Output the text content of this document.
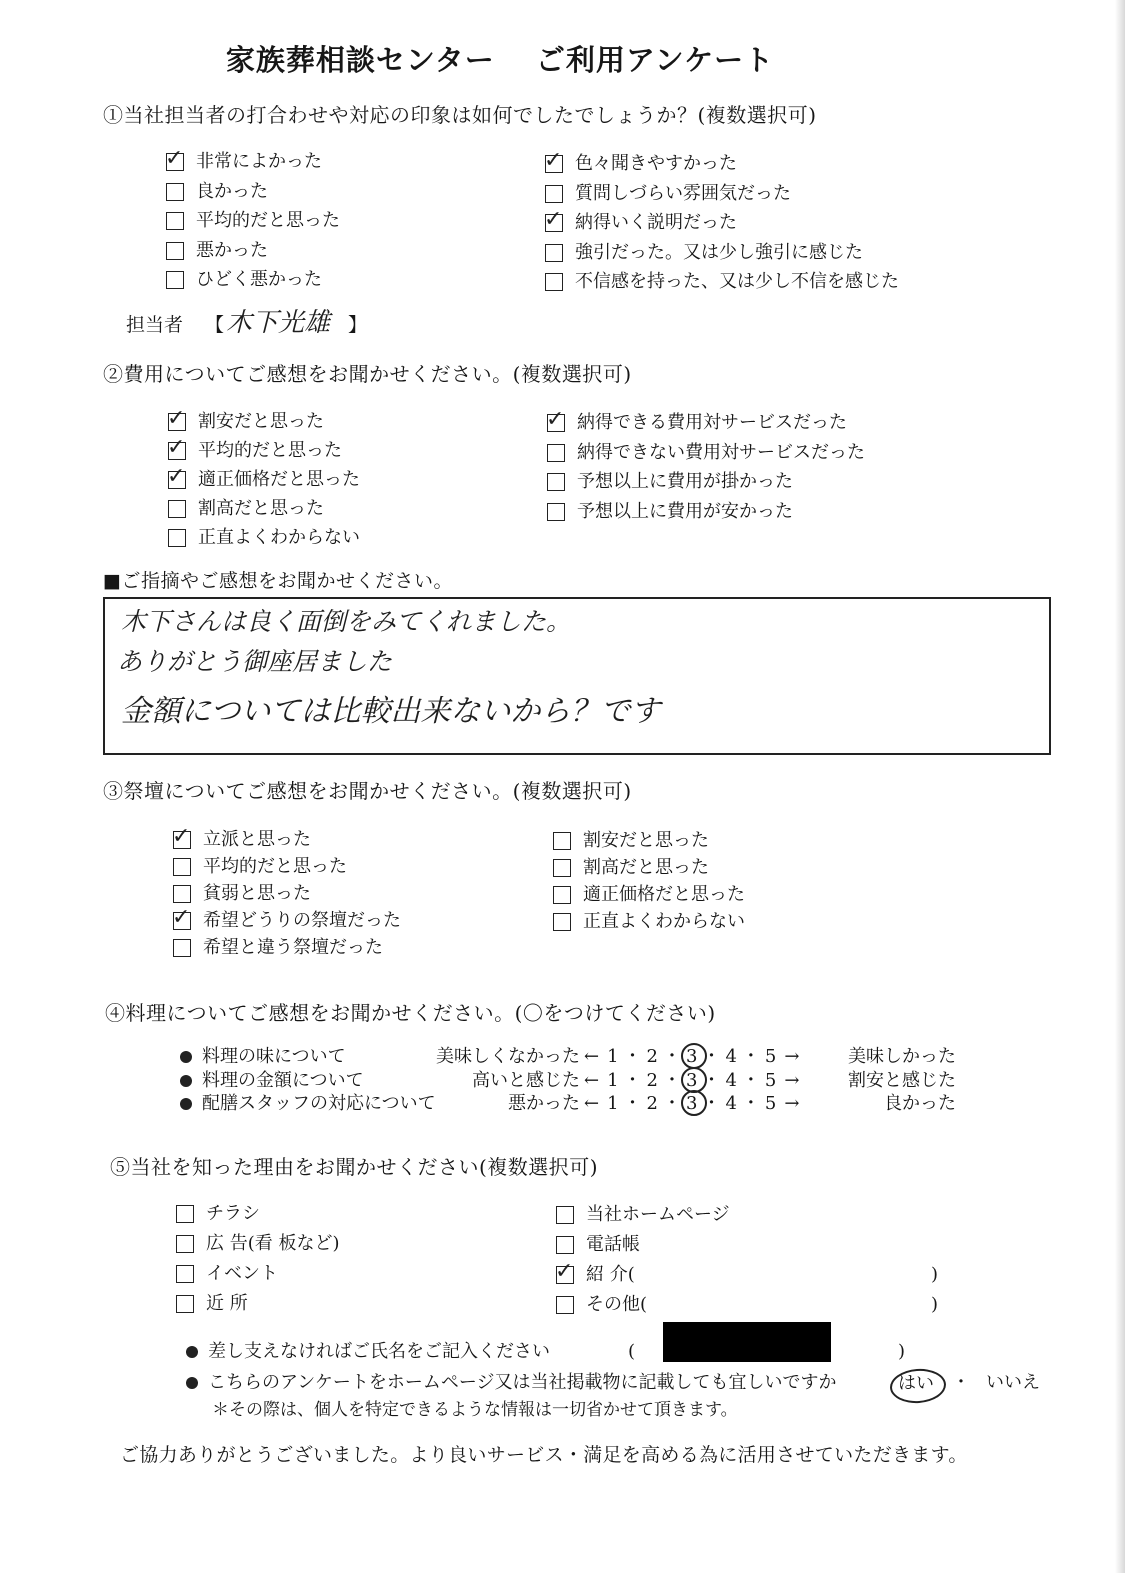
家族葬相談センター　 ご利用アンケート
①当社担当者の打合わせや対応の印象は如何でしたでしょうか？(複数選択可)
✓ 非常によかった
良かった
平均的だと思った
悪かった
ひどく悪かった
✓ 色々聞きやすかった
質問しづらい雰囲気だった
✓ 納得いく説明だった
強引だった。又は少し強引に感じた
不信感を持った、又は少し不信を感じた
担当者 【 木下光雄 】
②費用についてご感想をお聞かせください。(複数選択可)
✓ 割安だと思った
✓ 平均的だと思った
✓ 適正価格だと思った
割高だと思った
正直よくわからない
✓ 納得できる費用対サービスだった
納得できない費用対サービスだった
予想以上に費用が掛かった
予想以上に費用が安かった
■ご指摘やご感想をお聞かせください。
木下さんは良く面倒をみてくれました。
ありがとう御座居ました
金額については比較出来ないから？です
③祭壇についてご感想をお聞かせください。(複数選択可)
✓ 立派と思った
平均的だと思った
貧弱と思った
✓ 希望どうりの祭壇だった
希望と違う祭壇だった
割安だと思った
割高だと思った
適正価格だと思った
正直よくわからない
④料理についてご感想をお聞かせください。(〇をつけてください)
料理の味について	美味しくなかった ← 1 ・ 2 ・ 3 ・ 4 ・ 5 →	美味しかった
料理の金額について	高いと感じた ← 1 ・ 2 ・ 3 ・ 4 ・ 5 →	割安と感じた
配膳スタッフの対応について	悪かった ← 1 ・ 2 ・ 3 ・ 4 ・ 5 →	良かった
⑤当社を知った理由をお聞かせください(複数選択可)
チラシ
広 告(看 板など)
イベント
近 所
当社ホームページ
電話帳
✓ 紹 介(	)
その他(	)
差し支えなければご氏名をご記入ください	(	)
こちらのアンケートをホームページ又は当社掲載物に記載しても宜しいですか	はい ・ いいえ
＊その際は、個人を特定できるような情報は一切省かせて頂きます。
ご協力ありがとうございました。より良いサービス・満足を高める為に活用させていただきます。
